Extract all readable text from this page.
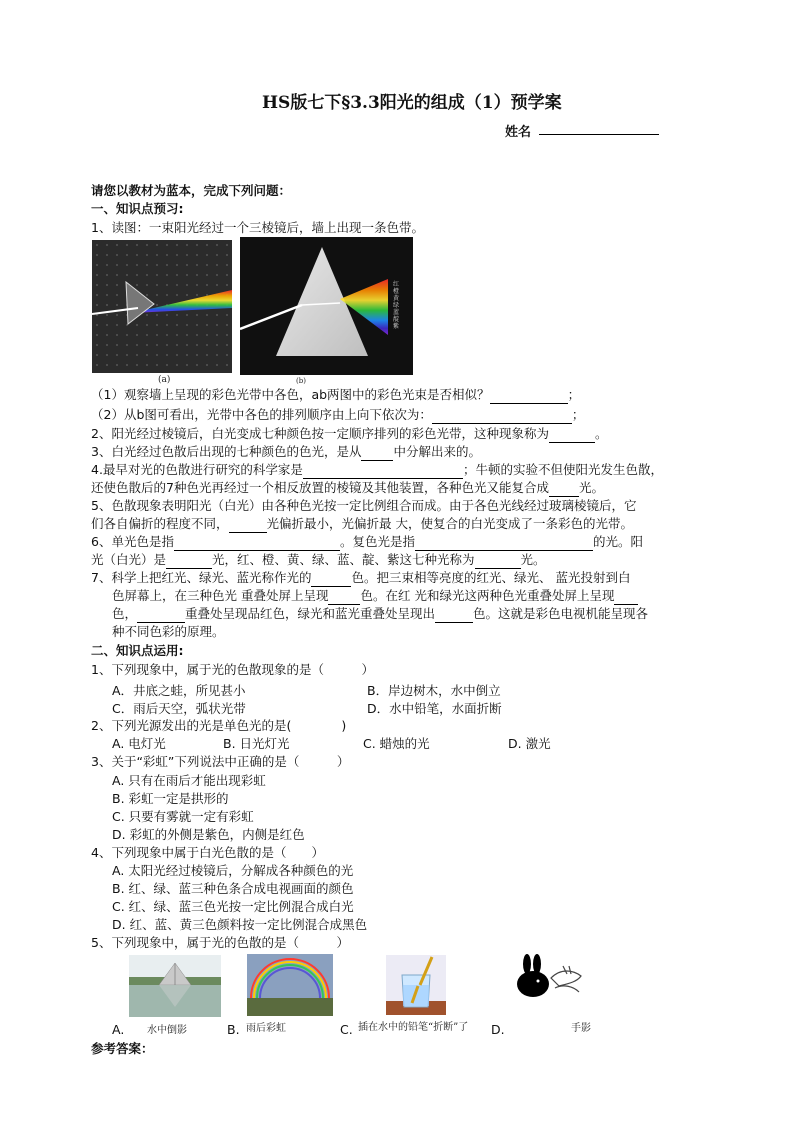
HS版七下§3.3阳光的组成（1）预学案
姓名
请您以教材为蓝本，完成下列问题：
一、知识点预习:
1、读图：一束阳光经过一个三棱镜后，墙上出现一条色带。
(a)
红橙黄绿蓝靛紫
(b)
（1）观察墙上呈现的彩色光带中各色，ab两图中的彩色光束是否相似？	；
（2）从b图可看出，光带中各色的排列顺序由上向下依次为：	；
2、阳光经过棱镜后，白光变成七种颜色按一定顺序排列的彩色光带，这种现象称为	。
3、白光经过色散后出现的七种颜色的色光，是从	中分解出来的。
4.最早对光的色散进行研究的科学家是	；牛顿的实验不但使阳光发生色散，
还使色散后的7种色光再经过一个相反放置的棱镜及其他装置，各种色光又能复合成 光。
5、色散现象表明阳光（白光）由各种色光按一定比例组合而成。由于各色光线经过玻璃棱镜后，它
们各自偏折的程度不同，	光偏折最小，光偏折最 大，使复合的白光变成了一条彩色的光带。
6、单光色是指	。复色光是指	的光。阳
光（白光）是	光，红、橙、黄、绿、蓝、靛、紫这七种光称为	光。
7、科学上把红光、绿光、蓝光称作光的	色。把三束相等亮度的红光、绿光、 蓝光投射到白
色屏幕上，在三种色光 重叠处屏上呈现	色。在红 光和绿光这两种色光重叠处屏上呈现
色，	重叠处呈现品红色，绿光和蓝光重叠处呈现出	色。这就是彩色电视机能呈现各
种不同色彩的原理。
二、知识点运用:
1、下列现象中，属于光的色散现象的是（　　　）
A．井底之蛙，所见甚小	B．岸边树木，水中倒立
C．雨后天空，弧状光带	D．水中铅笔，水面折断
2、下列光源发出的光是单色光的是(　　　　)
A. 电灯光	B. 日光灯光	C. 蜡烛的光	D. 激光
3、关于“彩虹”下列说法中正确的是（　　　）
A. 只有在雨后才能出现彩虹
B. 彩虹一定是拱形的
C. 只要有雾就一定有彩虹
D. 彩虹的外侧是紫色，内侧是红色
4、下列现象中属于白光色散的是（　　）
A. 太阳光经过棱镜后，分解成各种颜色的光
B. 红、绿、蓝三种色条合成电视画面的颜色
C. 红、绿、蓝三色光按一定比例混合成白光
D. 红、蓝、黄三色颜料按一定比例混合成黑色
5、下列现象中，属于光的色散的是（　　　）
A. 水中倒影	B. 雨后彩虹	C. 插在水中的铅笔“折断”了 D.	手影
参考答案：
